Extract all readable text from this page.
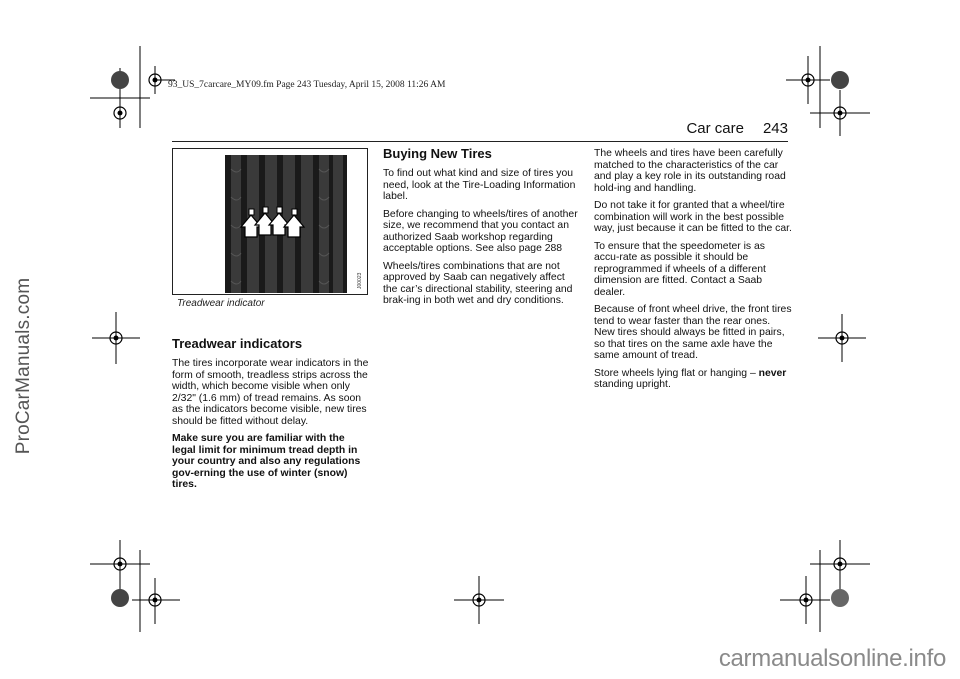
93_US_7carcare_MY09.fm Page 243 Tuesday, April 15, 2008 11:26 AM
ProCarManuals.com
Car care 243
J00023
Treadwear indicator
Treadwear indicators

The tires incorporate wear indicators in the form of smooth, treadless strips across the width, which become visible when only 2/32" (1.6 mm) of tread remains. As soon as the indicators become visible, new tires should be fitted without delay.

Make sure you are familiar with the legal limit for minimum tread depth in your country and also any regulations gov-erning the use of winter (snow) tires.

Buying New Tires

To find out what kind and size of tires you need, look at the Tire-Loading Information label.

Before changing to wheels/tires of another size, we recommend that you contact an authorized Saab workshop regarding acceptable options. See also page 288

Wheels/tires combinations that are not approved by Saab can negatively affect the car’s directional stability, steering and brak-ing in both wet and dry conditions.

The wheels and tires have been carefully matched to the characteristics of the car and play a key role in its outstanding road hold-ing and handling.

Do not take it for granted that a wheel/tire combination will work in the best possible way, just because it can be fitted to the car.

To ensure that the speedometer is as accu-rate as possible it should be reprogrammed if wheels of a different dimension are fitted. Contact a Saab dealer.

Because of front wheel drive, the front tires tend to wear faster than the rear ones. New tires should always be fitted in pairs, so that tires on the same axle have the same amount of tread.

Store wheels lying flat or hanging – never standing upright.

carmanualsonline.info
